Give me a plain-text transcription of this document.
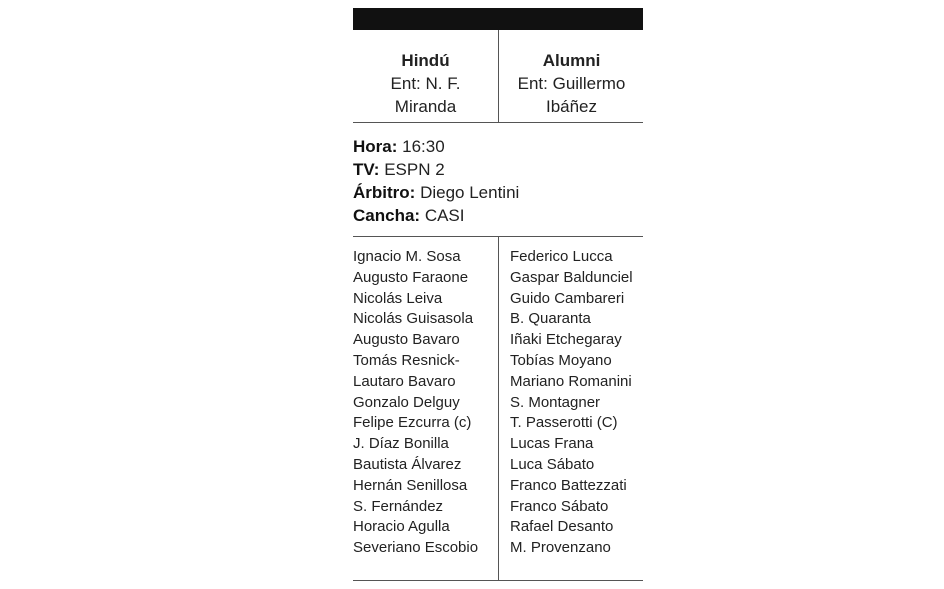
Hindú
Ent: N. F.
Miranda
Alumni
Ent: Guillermo
Ibáñez
Hora: 16:30
TV: ESPN 2
Árbitro: Diego Lentini
Cancha: CASI
Ignacio M. Sosa
Augusto Faraone
Nicolás Leiva
Nicolás Guisasola
Augusto Bavaro
Tomás Resnick-
Lautaro Bavaro
Gonzalo Delguy
Felipe Ezcurra (c)
J. Díaz Bonilla
Bautista Álvarez
Hernán Senillosa
S. Fernández
Horacio Agulla
Severiano Escobio
Federico Lucca
Gaspar Baldunciel
Guido Cambareri
B. Quaranta
Iñaki Etchegaray
Tobías Moyano
Mariano Romanini
S. Montagner
T. Passerotti (C)
Lucas Frana
Luca Sábato
Franco Battezzati
Franco Sábato
Rafael Desanto
M. Provenzano
